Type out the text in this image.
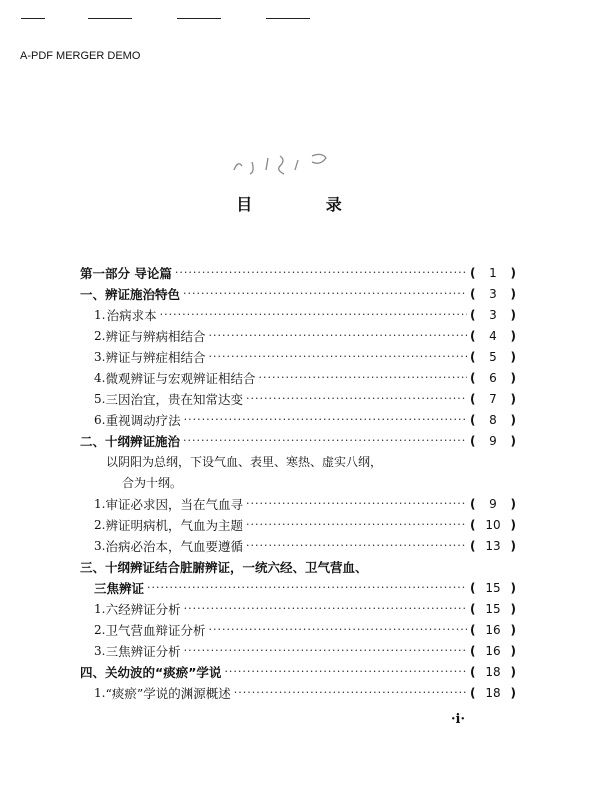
A-PDF MERGER DEMO
目 录
第一部分 导论篇 ·····	(	1	)
一、辨证施治特色 ·····	(	3	)
1. 治病求本 ·····	(	3	)
2. 辨证与辨病相结合 ·····	(	4	)
3. 辨证与辨症相结合 ·····	(	5	)
4. 微观辨证与宏观辨证相结合 ·····	(	6	)
5. 三因治宜，贵在知常达变 ·····	(	7	)
6. 重视调动疗法 ·····	(	8	)
二、十纲辨证施治 ·····	(	9	)
以阴阳为总纲，下设气血、表里、寒热、虚实八纲，
合为十纲。
1. 审证必求因，当在气血寻 ·····	(	9	)
2. 辨证明病机，气血为主题 ·····	( 10 )
3. 治病必治本，气血要遵循 ·····	( 13 )
三、十纲辨证结合脏腑辨证，一统六经、卫气营血、
三焦辨证 ·····	( 15 )
1. 六经辨证分析 ·····	( 15 )
2. 卫气营血辩证分析 ·····	( 16 )
3. 三焦辨证分析 ·····	( 16 )
四、关幼波的“痰瘀”学说 ·····	( 18 )
1. “痰瘀”学说的渊源概述 ·····	( 18 )
·i·
